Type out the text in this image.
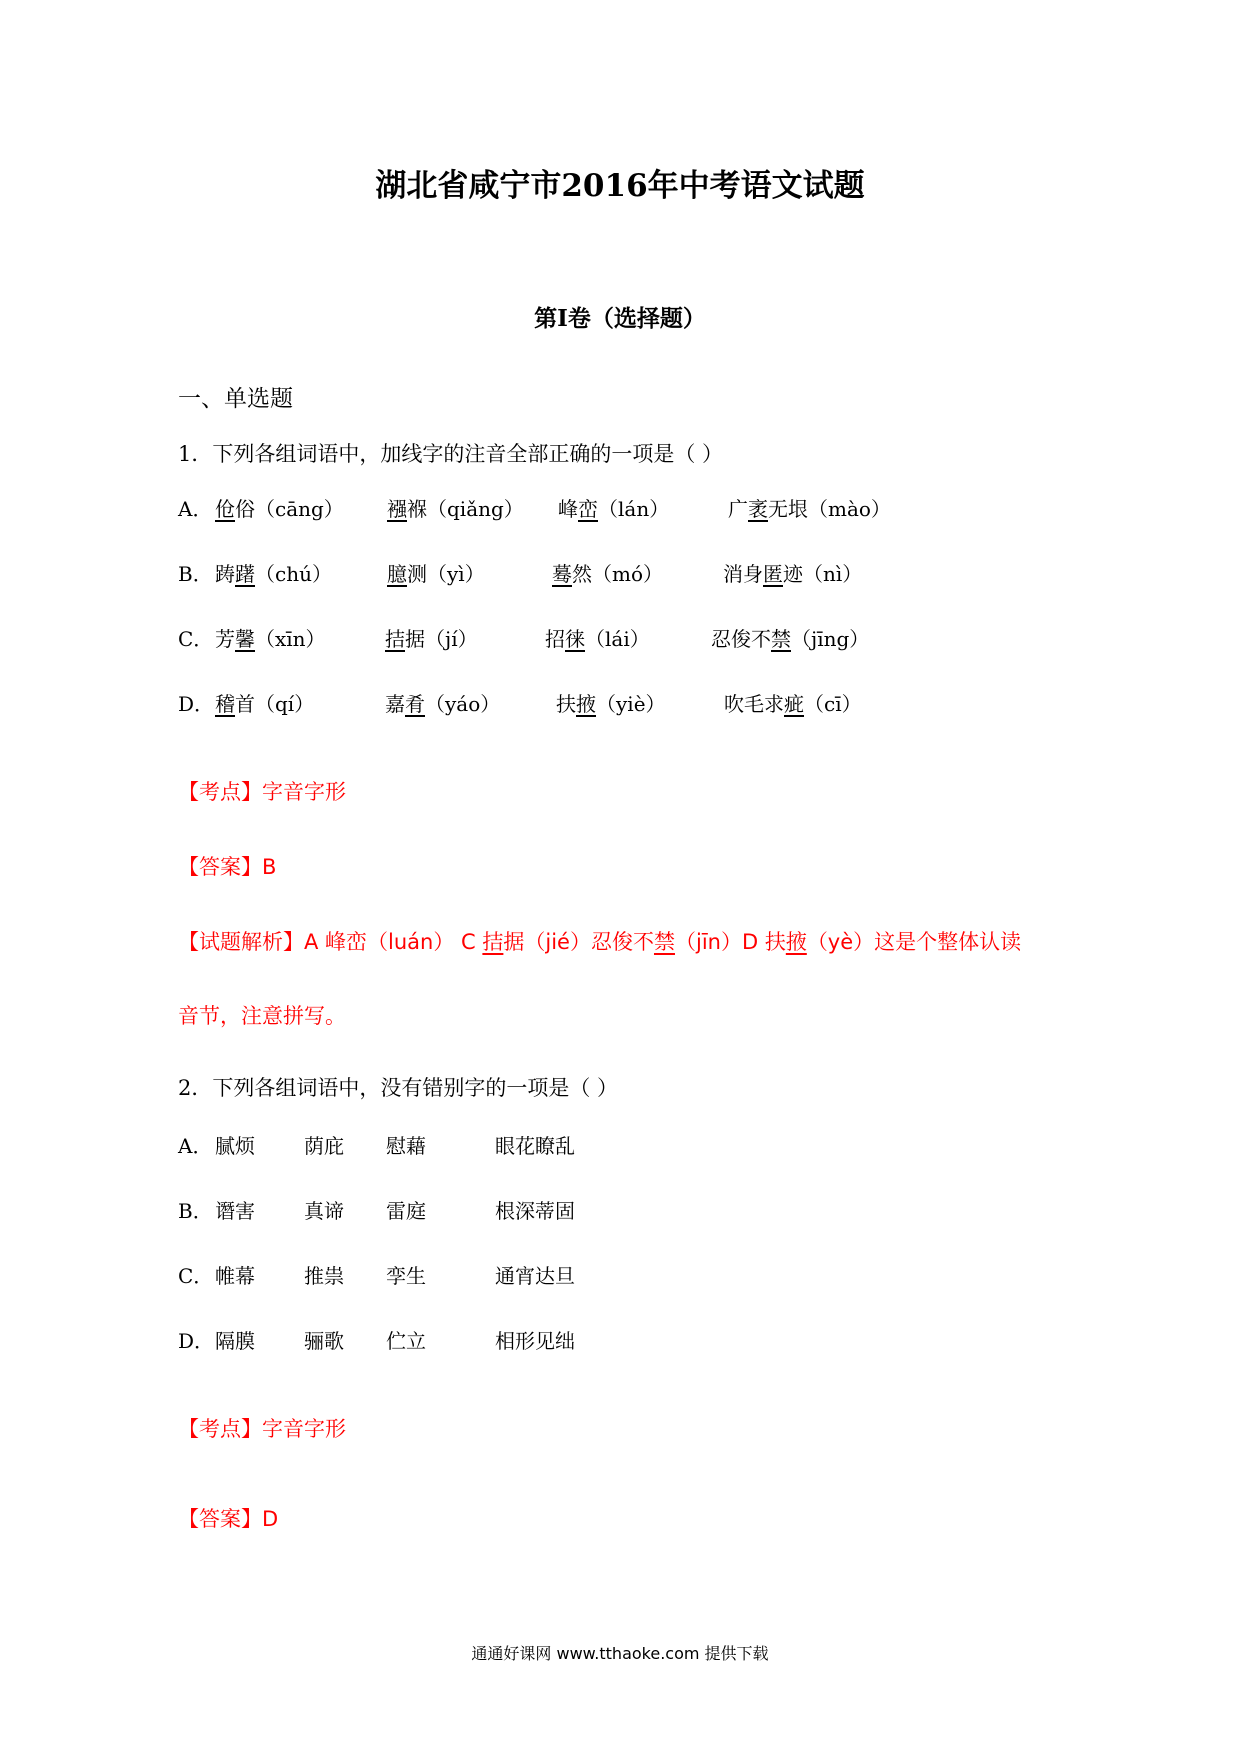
湖北省咸宁市2016年中考语文试题
第I卷（选择题）
一、单选题
1．下列各组词语中，加线字的注音全部正确的一项是（ ）
A． 伧俗（cāng） 襁褓（qiǎng） 峰峦（lán）	广袤无垠（mào）
B． 踌躇（chú）	臆测（yì）	蓦然（mó）	消身匿迹（nì）
C． 芳馨（xīn）	拮据（jí）	招徕（lái）	忍俊不禁（jīng）
D． 稽首（qí）	嘉肴（yáo）	扶掖（yiè）	吹毛求疵（cī）
【考点】字音字形
【答案】B
【试题解析】A 峰峦（luán） C 拮据（jié）忍俊不禁（jīn）D 扶掖（yè）这是个整体认读
音节，注意拼写。
2．下列各组词语中，没有错别字的一项是（ ）
A． 腻烦 荫庇 慰藉	眼花瞭乱
B． 谮害 真谛 雷庭	根深蒂固
C． 帷幕 推祟 孪生	通宵达旦
D． 隔膜 骊歌 伫立	相形见绌
【考点】字音字形
【答案】D
通通好课网 www.tthaoke.com 提供下载
